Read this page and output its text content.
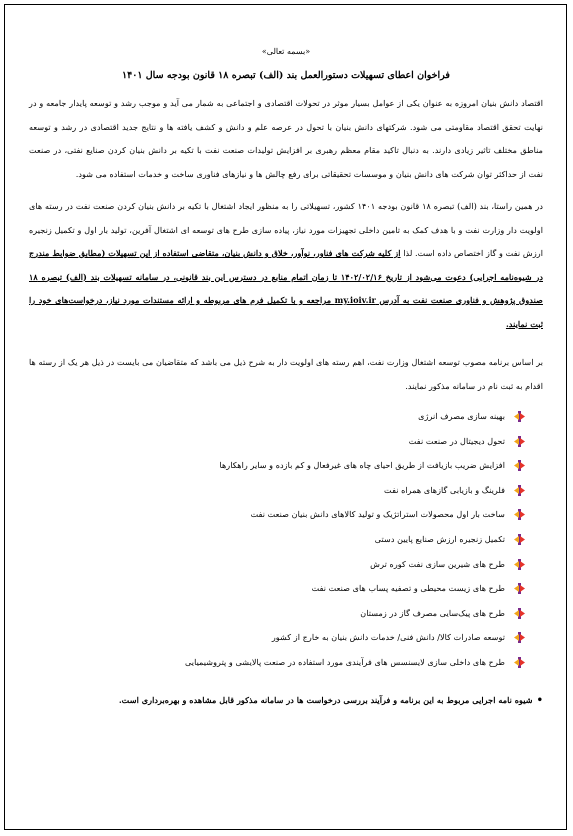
«بسمه تعالی»
فراخوان اعطای تسهیلات دستورالعمل بند (الف) تبصره ۱۸ قانون بودجه سال ۱۴۰۱

اقتصاد دانش بنیان امروزه به عنوان یکی از عوامل بسیار موثر در تحولات اقتصادی و اجتماعی به شمار می آید و موجب رشد و توسعه پایدار جامعه و در نهایت تحقق اقتصاد مقاومتی می شود. شرکتهای دانش بنیان با تحول در عرصه علم و دانش و کشف یافته ها و نتایج جدید اقتصادی در رشد و توسعه مناطق مختلف تاثیر زیادی دارند. به دنبال تاکید مقام معظم رهبری بر افزایش تولیدات صنعت نفت با تکیه بر دانش بنیان کردن صنایع نفتی، در صنعت نفت از حداکثر توان شرکت های دانش بنیان و موسسات تحقیقاتی برای رفع چالش ها و نیازهای فناوری ساخت و خدمات استفاده می شود.

در همین راستا، بند (الف) تبصره ۱۸ قانون بودجه ۱۴۰۱ کشور، تسهیلاتی را به منظور ایجاد اشتغال با تکیه بر دانش بنیان کردن صنعت نفت در رسته های اولویت دار وزارت نفت و با هدف کمک به تامین داخلی تجهیزات مورد نیاز، پیاده سازی طرح های توسعه ای اشتغال آفرین، تولید بار اول و تکمیل زنجیره ارزش نفت و گاز اختصاص داده است. لذا از کلیه شرکت های فناور، نوآور، خلاق و دانش بنیان، متقاضی استفاده از این تسهیلات (مطابق ضوابط مندرج در شیوه‌نامه اجرایی) دعوت می‌شود از تاریخ ۱۴۰۲/۰۲/۱۶ تا زمان اتمام منابع در دسترس این بند قانونی، در سامانه تسهیلات بند (الف) تبصره ۱۸ صندوق پژوهش و فناوری صنعت نفت به آدرس my.ioiv.ir مراجعه و با تکمیل فرم های مربوطه و ارائه مستندات مورد نیاز، درخواست‌های خود را ثبت نمایند.

بر اساس برنامه مصوب توسعه اشتغال وزارت نفت، اهم رسته های اولویت دار به شرح ذیل می باشد که متقاضیان می بایست در ذیل هر یک از رسته ها اقدام به ثبت نام در سامانه مذکور نمایند.

بهینه سازی مصرف انرژی
تحول دیجیتال در صنعت نفت
افزایش ضریب بازیافت از طریق احیای چاه های غیرفعال و کم بازده و سایر راهکارها
فلرینگ و بازیابی گازهای همراه نفت
ساخت بار اول محصولات استراتژیک و تولید کالاهای دانش بنیان صنعت نفت
تکمیل زنجیره ارزش صنایع پایین دستی
طرح های شیرین سازی نفت کوره ترش
طرح های زیست محیطی و تصفیه پساب های صنعت نفت
طرح های پیک‌سایی مصرف گاز در زمستان
توسعه صادرات کالا/ دانش فنی/ خدمات دانش بنیان به خارج از کشور
طرح های داخلی سازی لایسنسس های فرآیندی مورد استفاده در صنعت پالایشی و پتروشیمیایی

•شیوه نامه اجرایی مربوط به این برنامه و فرآیند بررسی درخواست ها در سامانه مذکور قابل مشاهده و بهره‌برداری است.
